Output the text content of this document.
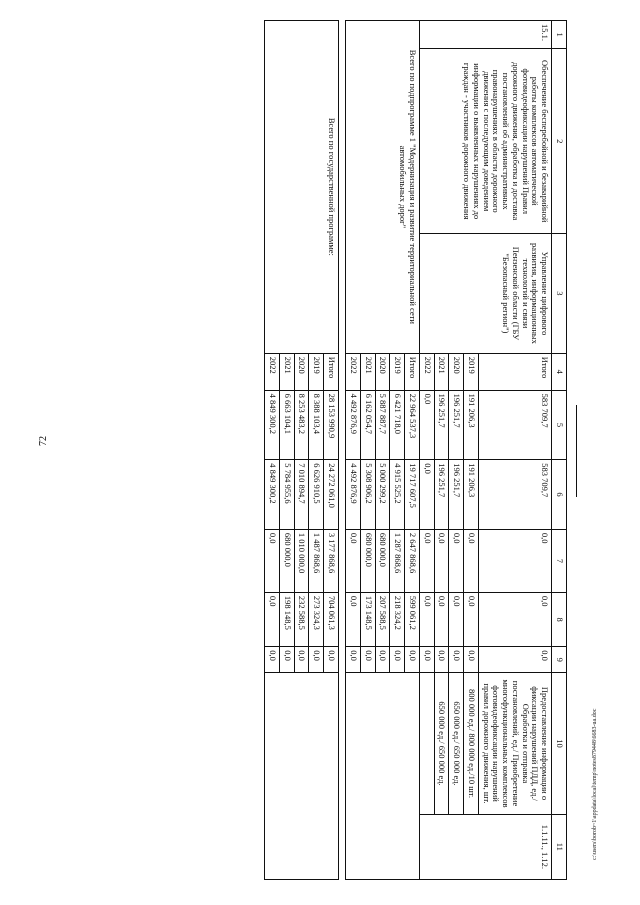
72
c:\users\borob~1\appdata\local\temp\notes879448\6683-ua.doc
1	2	3	4	5	6	7	8	9	10	11
15.1.	Обеспечение бесперебойной и безаварийной работы комплексов автоматической фотовидеофиксации нарушений Правил дорожного движения, обработка и доставка постановлений об административных правонарушениях в области дорожного движения с последующим доведением информации о выявленных нарушениях до граждан - участников дорожного движения	Управление цифрового развития, информационных технологий и связи Пензенской области (ГБУ "Безопасный регион")	Итого	583 709,7	583 709,7	0,0	0,0	0,0	Предоставление информации о фиксации нарушений ПДД, ед./ Обработка и отправка постановлений, ед./ Приобретение многофункциональных комплексов фотовидеофиксации нарушений правил дорожного движения, шт.	1.1.11., 1.12.
			2019	191 206,3	191 206,3	0,0	0,0	0,0	800 000 ед./ 800 000 ед./10 шт.	
			2020	196 251,7	196 251,7	0,0	0,0	0,0	650 000 ед./ 650 000 ед.	
			2021	196 251,7	196 251,7	0,0	0,0	0,0	650 000 ед./ 650 000 ед.	
			2022	0,0	0,0	0,0	0,0	0,0		
Всего по подпрограмме 1 "Модернизация и развитие территориальной сети автомобильных дорог"			Итого	22 964 537,3	19 717 607,5	2 647 868,6	599 061,2	0,0		
			2019	6 421 718,0	4 915 525,2	1 287 868,6	218 324,2	0,0		
			2020	5 887 887,7	5 000 299,2	680 000,0	207 588,5	0,0		
			2021	6 162 054,7	5 308 906,2	680 000,0	173 148,5	0,0		
			2022	4 492 876,9	4 492 876,9	0,0	0,0	0,0		

Всего по государственной программе:			Итого	28 153 990,9	24 272 061,0	3 177 868,6	704 061,3	0,0		
			2019	8 388 103,4	6 626 910,5	1 487 868,6	273 324,3	0,0		
			2020	8 253 483,2	7 010 894,7	1 010 000,0	232 588,5	0,0		
			2021	6 663 104,1	5 784 955,6	680 000,0	198 148,5	0,0		
			2022	4 849 300,2	4 849 300,2	0,0	0,0	0,0		
